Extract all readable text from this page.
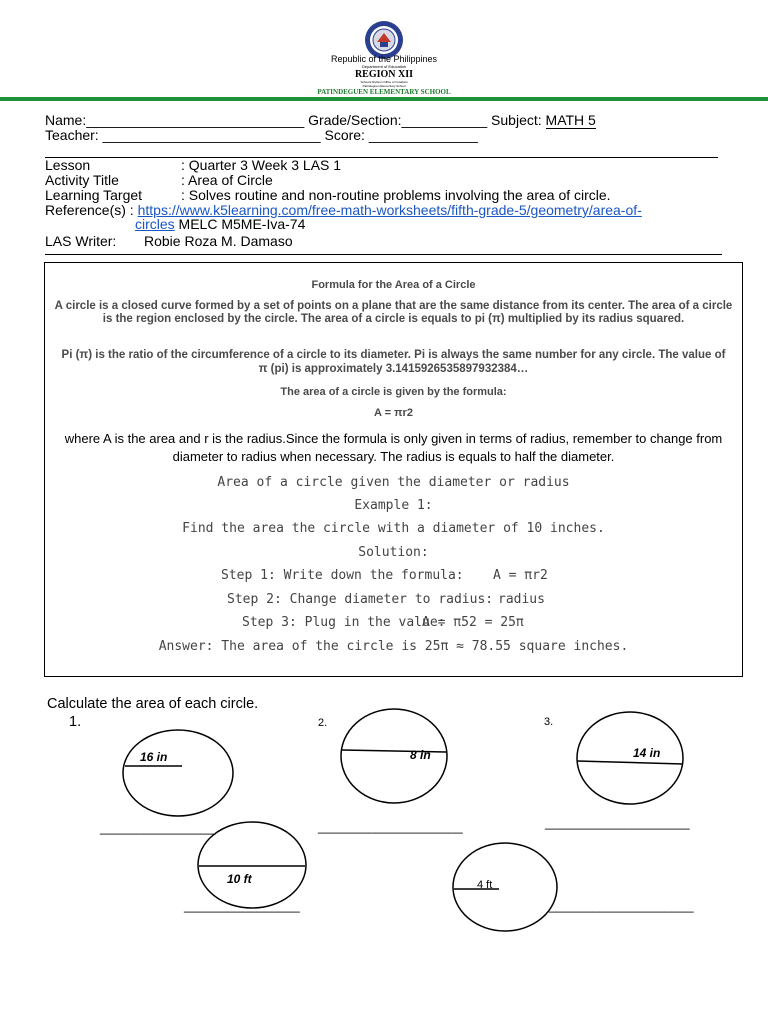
Republic of the Philippines
Department of Education
REGION XII
Schools Division Office of Cotabato
Patindeguen Elementary School
PATINDEGUEN ELEMENTARY SCHOOL
Name:____________________________ Grade/Section:___________ Subject: MATH 5
Teacher: ____________________________ Score: ______________
Lesson	: Quarter 3 Week 3 LAS 1
Activity Title	: Area of Circle
Learning Target	: Solves routine and non-routine problems involving the area of circle.
Reference(s) : https://www.k5learning.com/free-math-worksheets/fifth-grade-5/geometry/area-of-
circles MELC M5ME-Iva-74
LAS Writer: Robie Roza M. Damaso
Formula for the Area of a Circle
A circle is a closed curve formed by a set of points on a plane that are the same distance from its center. The area of a circle is the region enclosed by the circle. The area of a circle is equals to pi (π) multiplied by its radius squared.
Pi (π) is the ratio of the circumference of a circle to its diameter. Pi is always the same number for any circle. The value of π (pi) is approximately 3.1415926535897932384…
The area of a circle is given by the formula:
A = πr2
where A is the area and r is the radius.Since the formula is only given in terms of radius, remember to change from diameter to radius when necessary. The radius is equals to half the diameter.
Area of a circle given the diameter or radius
Example 1:
Find the area the circle with a diameter of 10 inches.
Solution:
Step 1: Write down the formula: A = πr2
Step 2: Change diameter to radius: radius
Step 3: Plug in the value:
A = π52 = 25π
Answer: The area of the circle is 25π ≈ 78.55 square inches.
Calculate the area of each circle.
1.
16 in
________________
2.
8 in
____________________
3.
14 in
____________________
10 ft
________________
4 ft
____________________
